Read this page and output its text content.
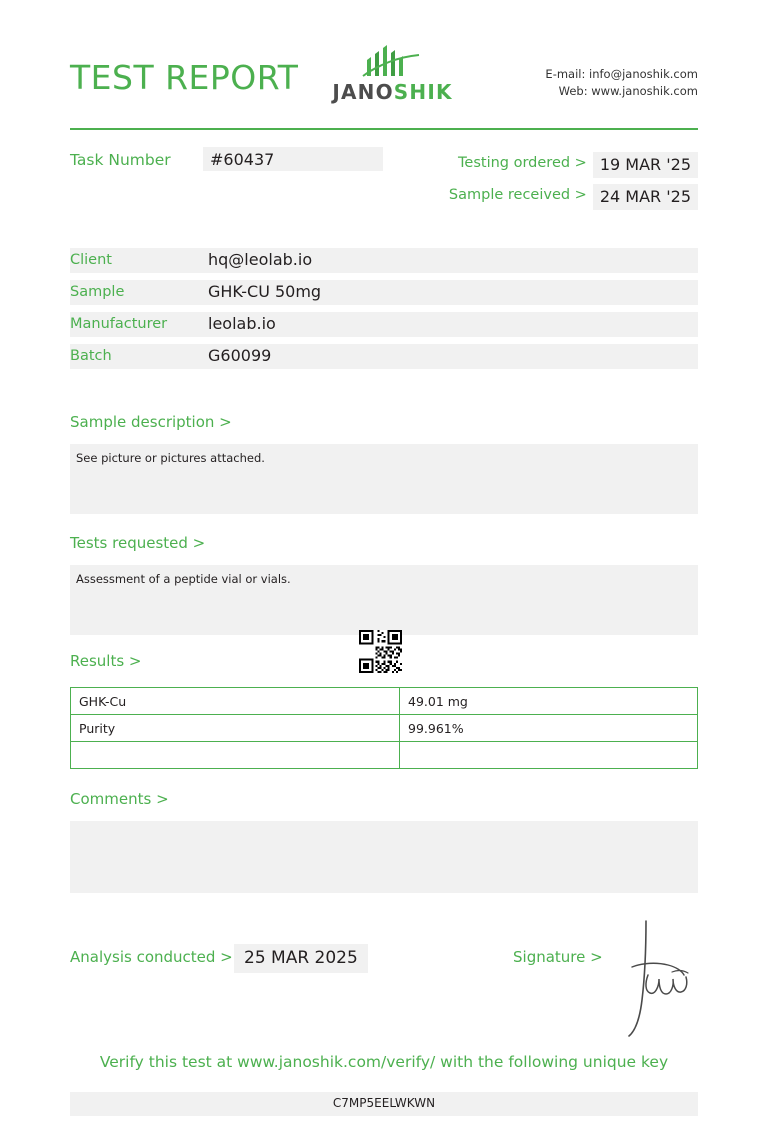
TEST REPORT	JANOSHIK
E-mail: info@janoshik.com
Web: www.janoshik.com
Task Number #60437	Testing ordered > 19 MAR '25
Sample received > 24 MAR '25
Client	hq@leolab.io
Sample	GHK-CU 50mg
Manufacturer	leolab.io
Batch	G60099
Sample description >
See picture or pictures attached.
Tests requested >
Assessment of a peptide vial or vials.
Results >
GHK-Cu	49.01 mg
Purity	99.961%

Comments >
Analysis conducted > 25 MAR 2025	Signature >
Verify this test at www.janoshik.com/verify/ with the following unique key
C7MP5EELWKWN
